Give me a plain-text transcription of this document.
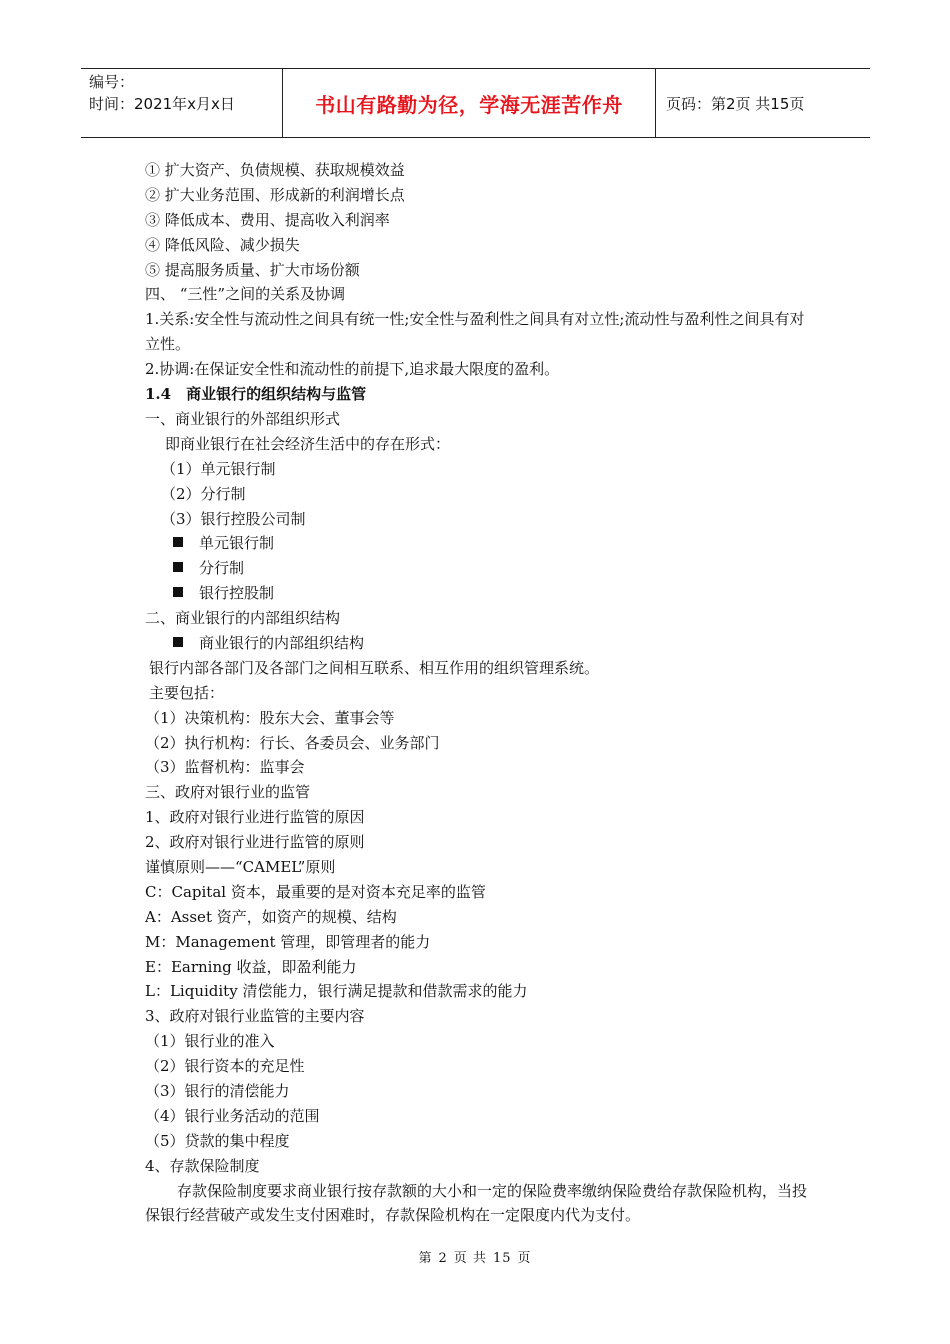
编号：
时间：2021年x月x日	书山有路勤为径，学海无涯苦作舟	页码：第2页 共15页
① 扩大资产、负债规模、获取规模效益
② 扩大业务范围、形成新的利润增长点
③ 降低成本、费用、提高收入利润率
④ 降低风险、减少损失
⑤ 提高服务质量、扩大市场份额
四、 “三性”之间的关系及协调
1.关系:安全性与流动性之间具有统一性;安全性与盈利性之间具有对立性;流动性与盈利性之间具有对立性。
2.协调:在保证安全性和流动性的前提下,追求最大限度的盈利。
1.4　商业银行的组织结构与监管
一、商业银行的外部组织形式
即商业银行在社会经济生活中的存在形式：
（1）单元银行制
（2）分行制
（3）银行控股公司制
单元银行制
分行制
银行控股制
二、商业银行的内部组织结构
商业银行的内部组织结构
银行内部各部门及各部门之间相互联系、相互作用的组织管理系统。
主要包括：
（1）决策机构：股东大会、董事会等
（2）执行机构：行长、各委员会、业务部门
（3）监督机构：监事会
三、政府对银行业的监管
1、政府对银行业进行监管的原因
2、政府对银行业进行监管的原则
谨慎原则——“CAMEL”原则
C：Capital 资本，最重要的是对资本充足率的监管
A：Asset 资产，如资产的规模、结构
M：Management 管理，即管理者的能力
E：Earning 收益，即盈利能力
L：Liquidity 清偿能力，银行满足提款和借款需求的能力
3、政府对银行业监管的主要内容
（1）银行业的准入
（2）银行资本的充足性
（3）银行的清偿能力
（4）银行业务活动的范围
（5）贷款的集中程度
4、存款保险制度
存款保险制度要求商业银行按存款额的大小和一定的保险费率缴纳保险费给存款保险机构，当投保银行经营破产或发生支付困难时，存款保险机构在一定限度内代为支付。
第 2 页 共 15 页
